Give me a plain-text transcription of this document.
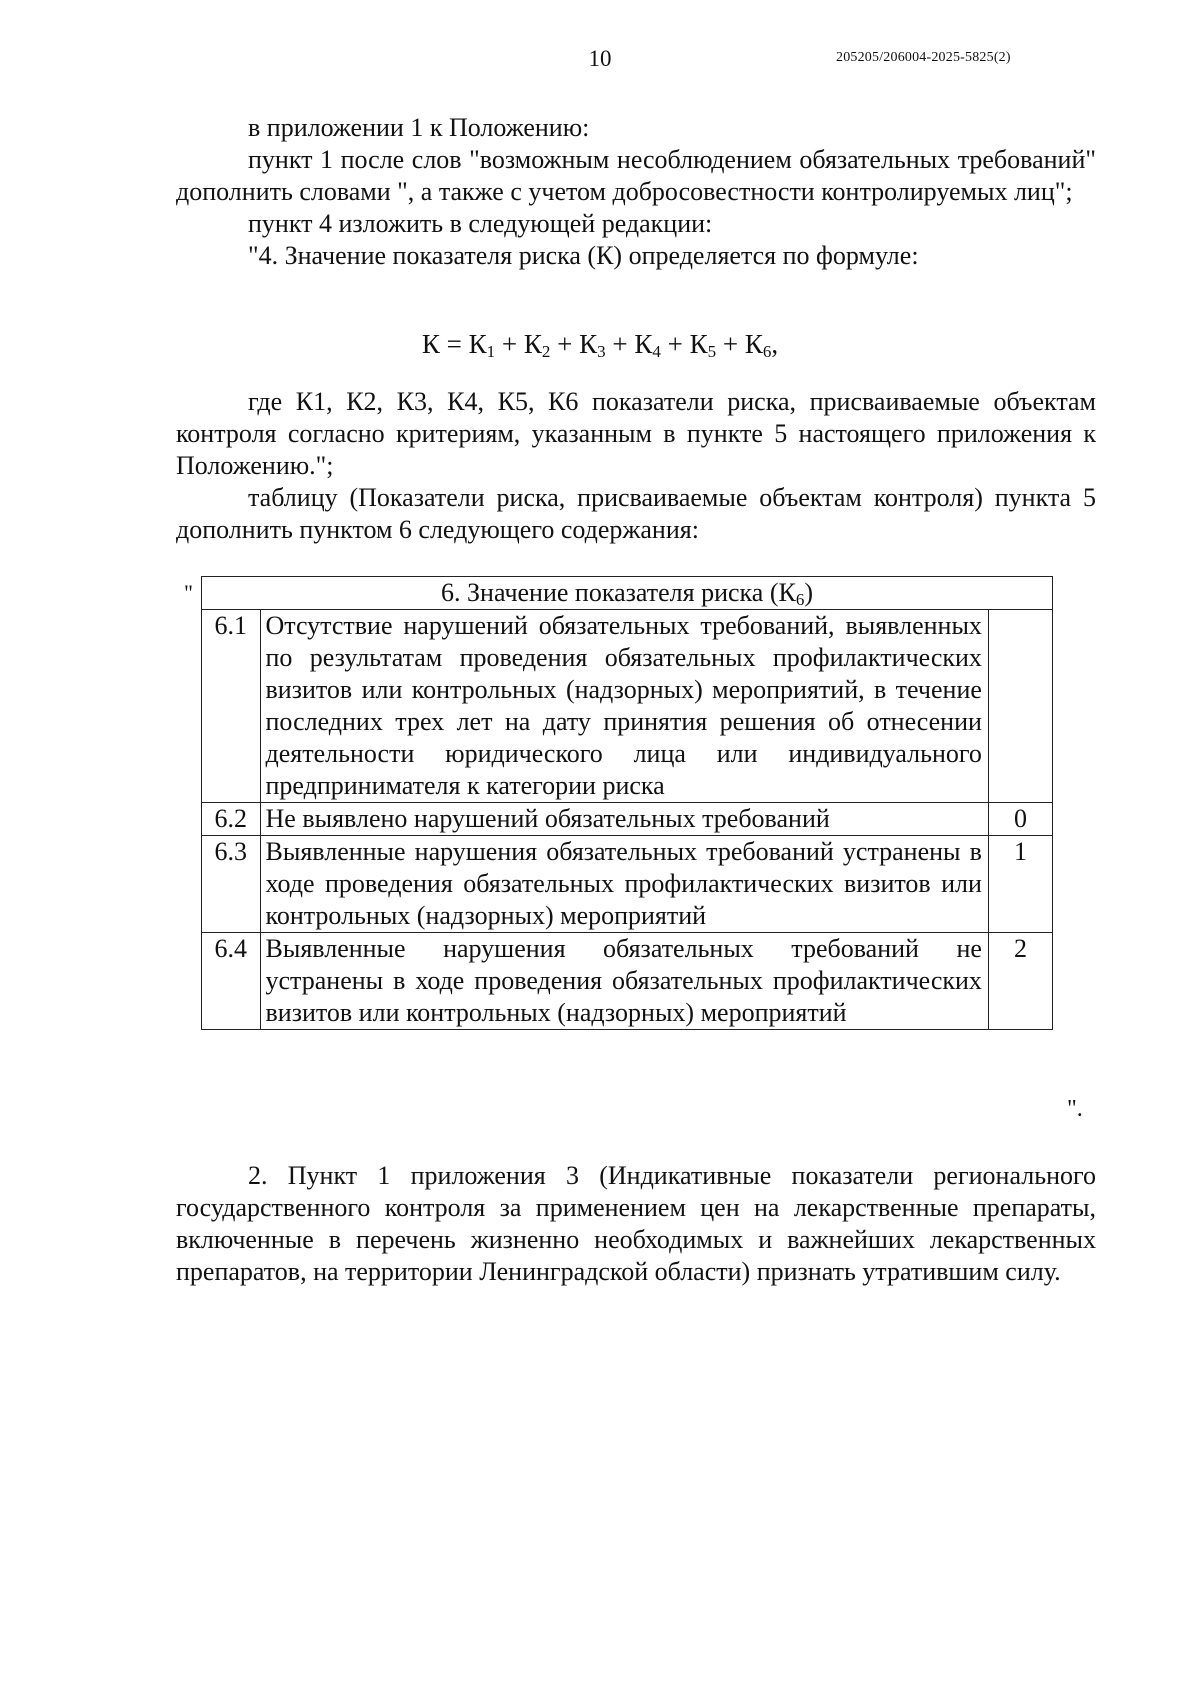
10	205205/206004-2025-5825(2)

в приложении 1 к Положению:

пункт 1 после слов "возможным несоблюдением обязательных требований" дополнить словами ", а также с учетом добросовестности контролируемых лиц";

пункт 4 изложить в следующей редакции:

"4. Значение показателя риска (К) определяется по формуле:

$К = К_1 + К_2 + К_3 + К_4 + К_5 + К_6$,

где К1, К2, К3, К4, К5, К6 показатели риска, присваиваемые объектам контроля согласно критериям, указанным в пункте 5 настоящего приложения к Положению.";

таблицу (Показатели риска, присваиваемые объектам контроля) пункта 5 дополнить пунктом 6 следующего содержания:

"	6. Значение показателя риска $(К_6)$		
6.1	Отсутствие нарушений обязательных требований, выявленных по результатам проведения обязательных профилактических визитов или контрольных (надзорных) мероприятий, в течение последних трех лет на дату принятия решения об отнесении деятельности юридического лица или индивидуального предпринимателя к категории риска	
6.2	Не выявлено нарушений обязательных требований	0
6.3	Выявленные нарушения обязательных требований устранены в ходе проведения обязательных профилактических визитов или контрольных (надзорных) мероприятий	1
6.4	Выявленные нарушения обязательных требований не устранены в ходе проведения обязательных профилактических визитов или контрольных (надзорных) мероприятий	2
".

2. Пункт 1 приложения 3 (Индикативные показатели регионального государственного контроля за применением цен на лекарственные препараты, включенные в перечень жизненно необходимых и важнейших лекарственных препаратов, на территории Ленинградской области) признать утратившим силу.
